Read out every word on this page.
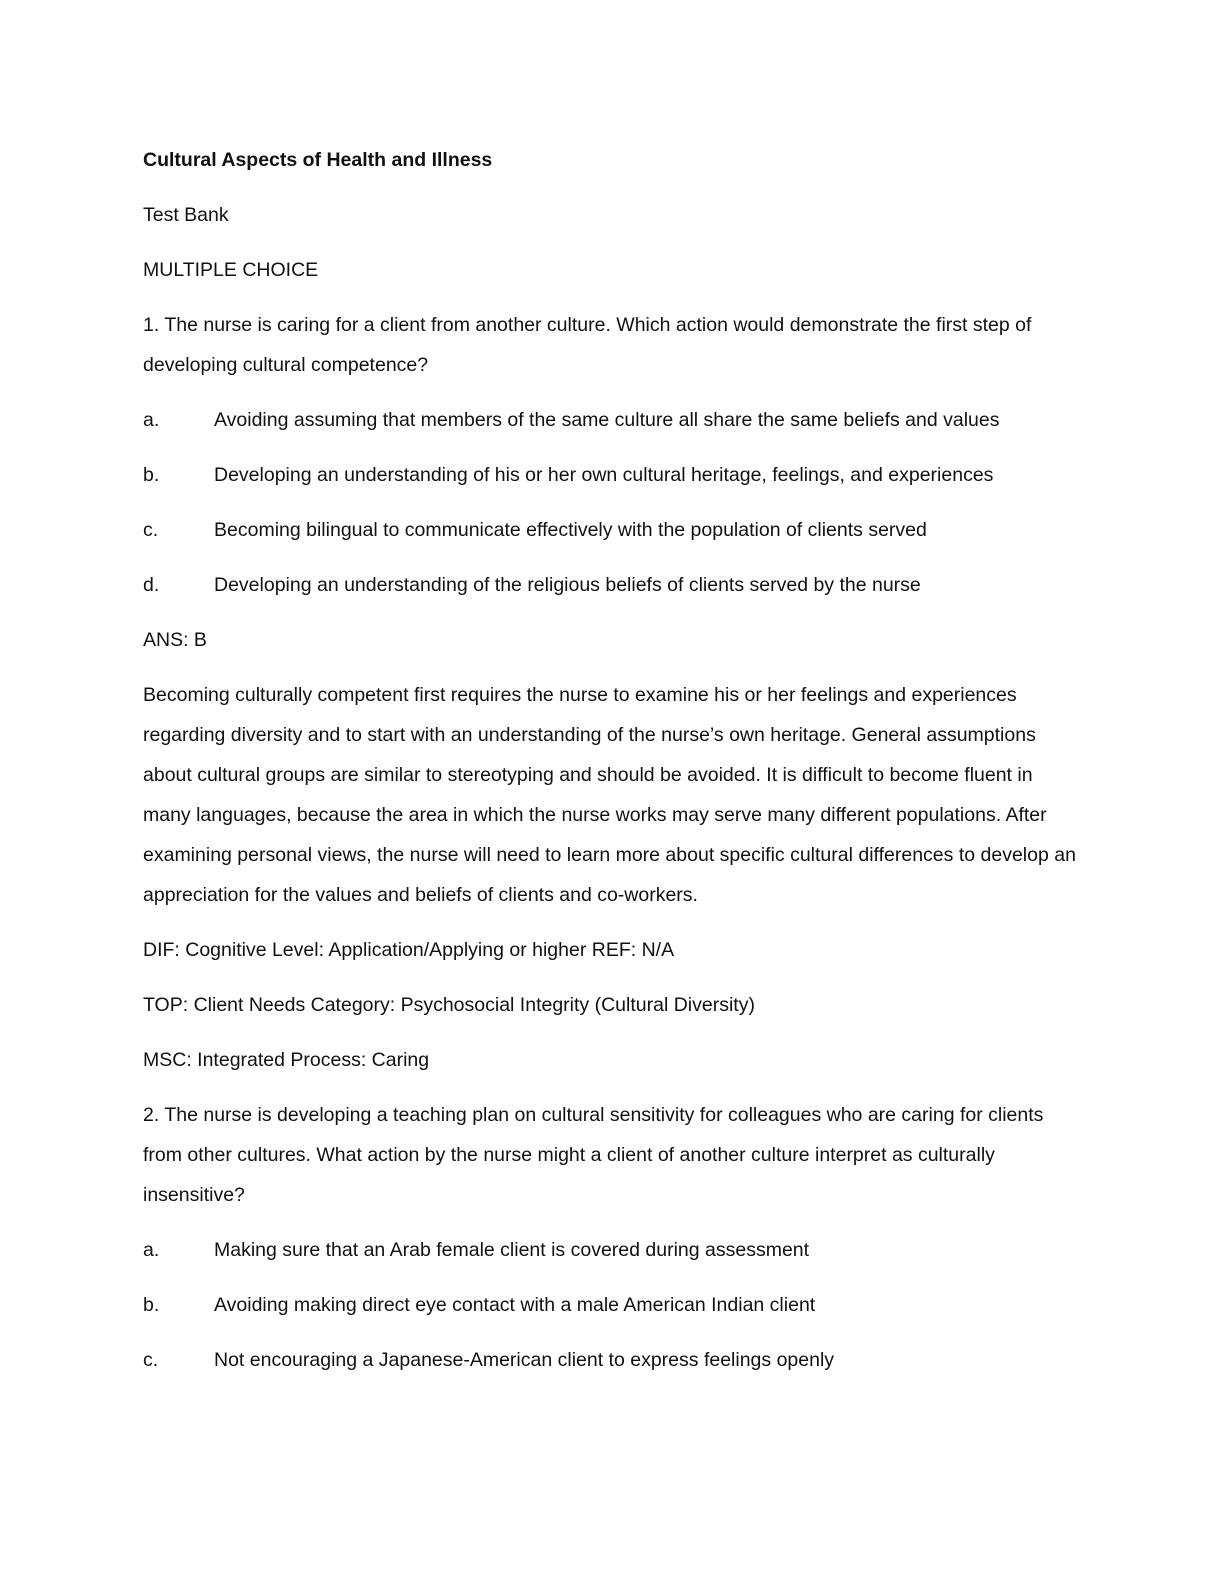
Cultural Aspects of Health and Illness

Test Bank

MULTIPLE CHOICE

1. The nurse is caring for a client from another culture. Which action would demonstrate the first step of developing cultural competence?

a.	Avoiding assuming that members of the same culture all share the same beliefs and values
b.	Developing an understanding of his or her own cultural heritage, feelings, and experiences
c.	Becoming bilingual to communicate effectively with the population of clients served
d.	Developing an understanding of the religious beliefs of clients served by the nurse

ANS: B

Becoming culturally competent first requires the nurse to examine his or her feelings and experiences regarding diversity and to start with an understanding of the nurse’s own heritage. General assumptions about cultural groups are similar to stereotyping and should be avoided. It is difficult to become fluent in many languages, because the area in which the nurse works may serve many different populations. After examining personal views, the nurse will need to learn more about specific cultural differences to develop an appreciation for the values and beliefs of clients and co-workers.

DIF: Cognitive Level: Application/Applying or higher REF: N/A

TOP: Client Needs Category: Psychosocial Integrity (Cultural Diversity)

MSC: Integrated Process: Caring

2. The nurse is developing a teaching plan on cultural sensitivity for colleagues who are caring for clients from other cultures. What action by the nurse might a client of another culture interpret as culturally insensitive?

a.	Making sure that an Arab female client is covered during assessment
b.	Avoiding making direct eye contact with a male American Indian client
c.	Not encouraging a Japanese-American client to express feelings openly
